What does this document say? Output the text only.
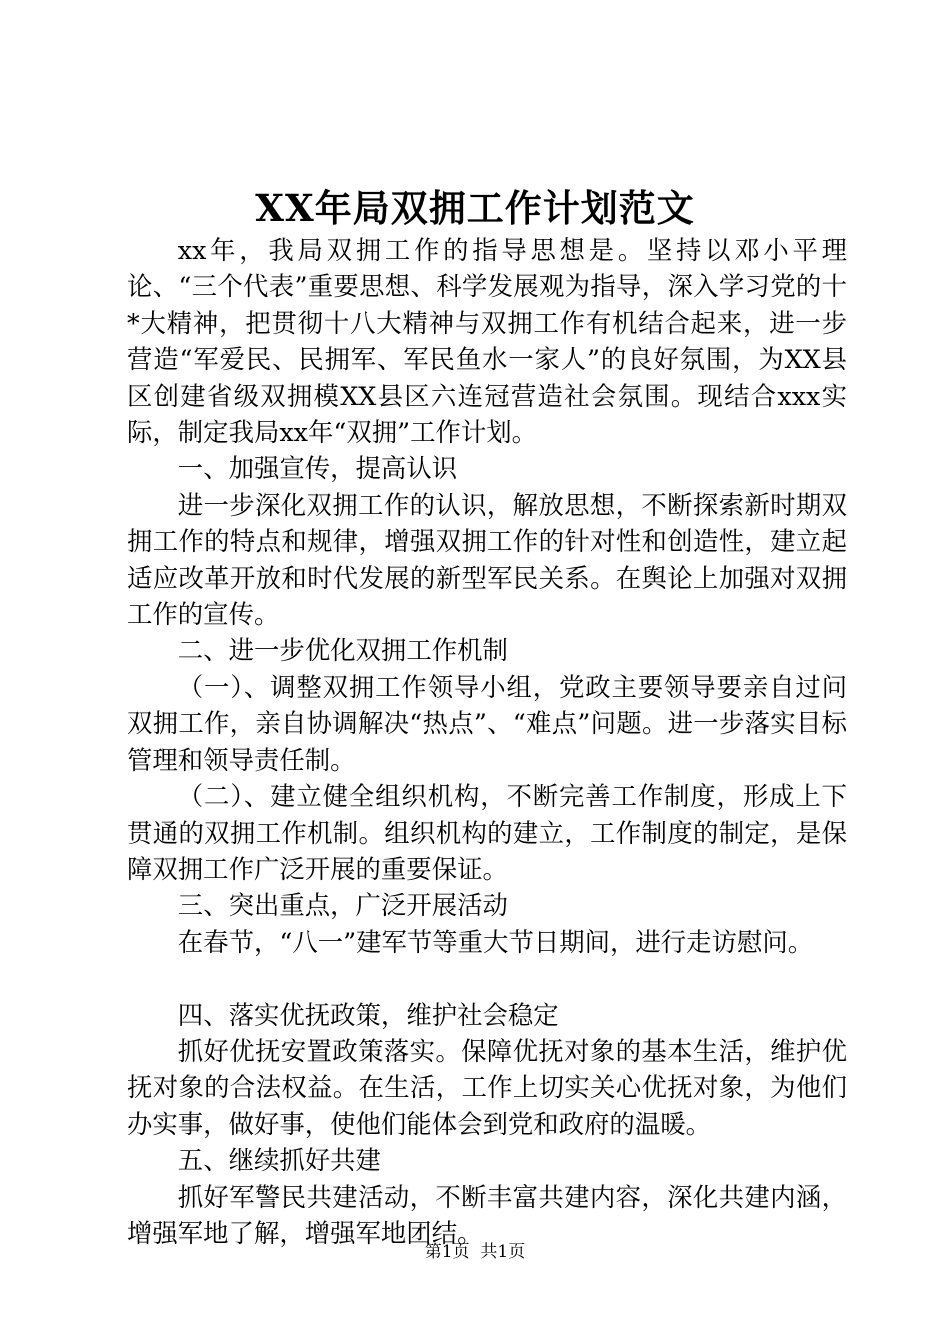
XX年局双拥工作计划范文

xx年，我局双拥工作的指导思想是。坚持以邓小平理论、“三个代表”重要思想、科学发展观为指导，深入学习党的十*大精神，把贯彻十八大精神与双拥工作有机结合起来，进一步营造“军爱民、民拥军、军民鱼水一家人”的良好氛围，为XX县区创建省级双拥模XX县区六连冠营造社会氛围。现结合xxx实际，制定我局xx年“双拥”工作计划。

一、加强宣传，提高认识

进一步深化双拥工作的认识，解放思想，不断探索新时期双拥工作的特点和规律，增强双拥工作的针对性和创造性，建立起适应改革开放和时代发展的新型军民关系。在舆论上加强对双拥工作的宣传。

二、进一步优化双拥工作机制

（一）、调整双拥工作领导小组，党政主要领导要亲自过问双拥工作，亲自协调解决“热点”、“难点”问题。进一步落实目标管理和领导责任制。

（二）、建立健全组织机构，不断完善工作制度，形成上下贯通的双拥工作机制。组织机构的建立，工作制度的制定，是保障双拥工作广泛开展的重要保证。

三、突出重点，广泛开展活动

在春节，“八一”建军节等重大节日期间，进行走访慰问。

四、落实优抚政策，维护社会稳定

抓好优抚安置政策落实。保障优抚对象的基本生活，维护优抚对象的合法权益。在生活，工作上切实关心优抚对象，为他们办实事，做好事，使他们能体会到党和政府的温暖。

五、继续抓好共建

抓好军警民共建活动，不断丰富共建内容，深化共建内涵，增强军地了解，增强军地团结。

第1页  共1页
